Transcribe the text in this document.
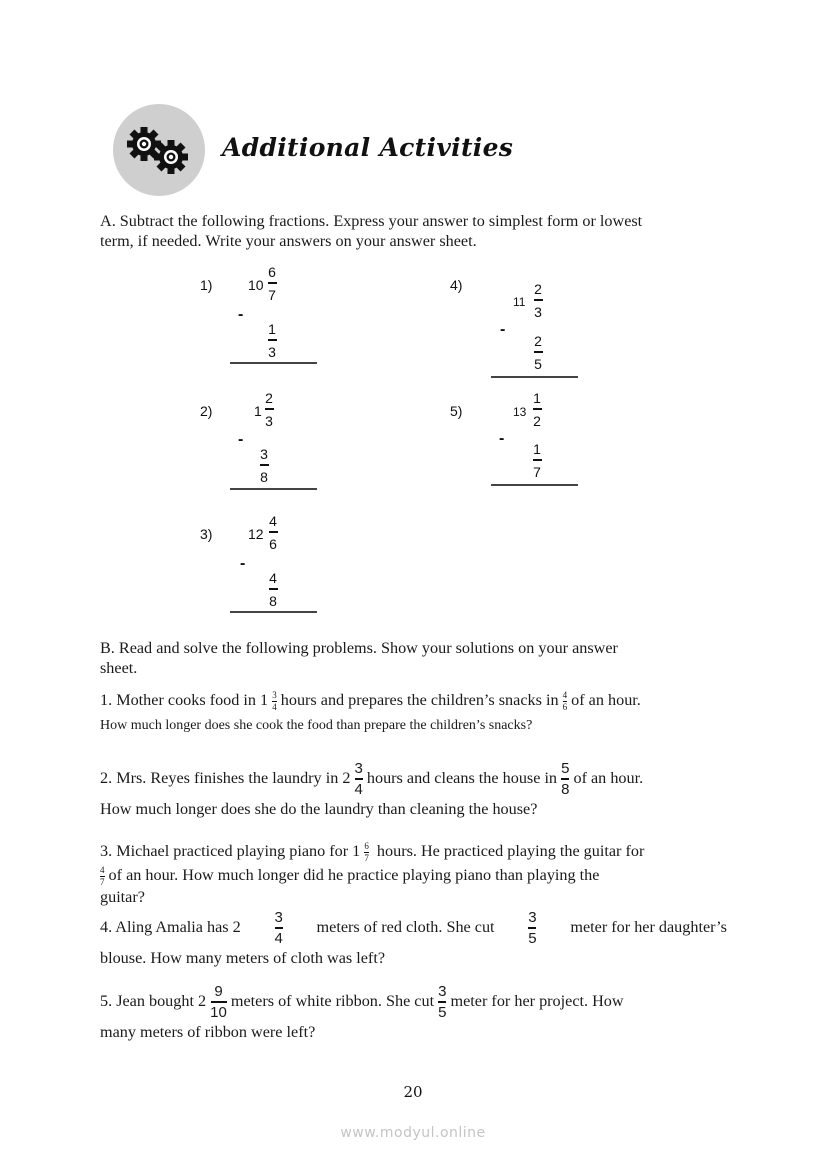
Additional Activities
A. Subtract the following fractions. Express your answer to simplest form or lowest
term, if needed. Write your answers on your answer sheet.
1)	10
6
7
-
1
3
2)	1
2
3
-
3
8
3)	12
4
6
-
4
8
4)
11
2
3
-
2
5
5)	13
1
2
-
1
7
B. Read and solve the following problems. Show your solutions on your answer
sheet.
1. Mother cooks food in 1
$\frac{3}{4}$
hours and prepares the children’s snacks in
$\frac{4}{6}$
of an hour.
How much longer does she cook the food than prepare the children’s snacks?
2. Mrs. Reyes finishes the laundry in 2
$\frac{3}{4}$
hours and cleans the house in
$\frac{5}{8}$
of an hour.
How much longer does she do the laundry than cleaning the house?
3. Michael practiced playing piano for 1
$\frac{6}{7}$
hours. He practiced playing the guitar for
$\frac{4}{7}$
of an hour. How much longer did he practice playing piano than playing the
guitar?
4. Aling Amalia has $2 \frac{3}{4}$ meters of red cloth. She cut $\frac{3}{5}$ meter for her daughter’s
blouse. How many meters of cloth was left?
5. Jean bought 2
$\frac{9}{10}$
meters of white ribbon. She cut
$\frac{3}{5}$
meter for her project. How
many meters of ribbon were left?
20
www.modyul.online
